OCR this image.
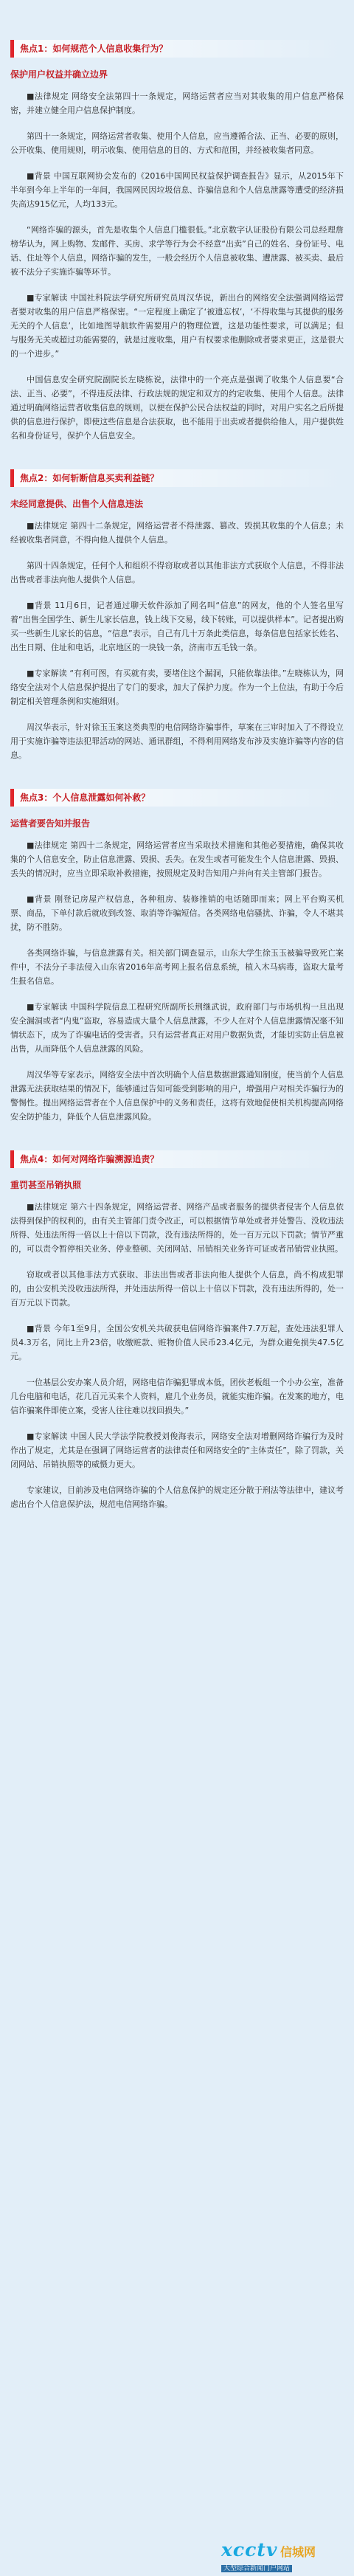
焦点1：如何规范个人信息收集行为？
保护用户权益并确立边界
■法律规定 网络安全法第四十一条规定，网络运营者应当对其收集的用户信息严格保密，并建立健全用户信息保护制度。
第四十一条规定，网络运营者收集、使用个人信息，应当遵循合法、正当、必要的原则，公开收集、使用规则，明示收集、使用信息的目的、方式和范围，并经被收集者同意。
■背景 中国互联网协会发布的《2016中国网民权益保护调查报告》显示，从2015年下半年到今年上半年的一年间，我国网民因垃圾信息、诈骗信息和个人信息泄露等遭受的经济损失高达915亿元，人均133元。
“网络诈骗的源头，首先是收集个人信息门槛很低。”北京数字认证股份有限公司总经理詹榜华认为，网上购物、发邮件、买房、求学等行为会不经意“出卖”自己的姓名、身份证号、电话、住址等个人信息，网络诈骗的发生，一般会经历个人信息被收集、遭泄露、被买卖、最后被不法分子实施诈骗等环节。
■专家解读 中国社科院法学研究所研究员周汉华说，新出台的网络安全法强调网络运营者要对收集的用户信息严格保密。“一定程度上确定了‘被遗忘权’，‘不得收集与其提供的服务无关的个人信息’，比如地图导航软件需要用户的物理位置，这是功能性要求，可以满足；但与服务无关或超过功能需要的，就是过度收集，用户有权要求他删除或者要求更正，这是很大的一个进步。”
中国信息安全研究院副院长左晓栋说，法律中的一个亮点是强调了收集个人信息要“合法、正当、必要”，不得违反法律、行政法规的规定和双方的约定收集、使用个人信息。法律通过明确网络运营者收集信息的规则，以便在保护公民合法权益的同时，对用户实名之后所提供的信息进行保护，即使这些信息是合法获取，也不能用于出卖或者提供给他人，用户提供姓名和身份证号，保护个人信息安全。
焦点2：如何斩断信息买卖利益链？
未经同意提供、出售个人信息违法
■法律规定 第四十二条规定，网络运营者不得泄露、篡改、毁损其收集的个人信息；未经被收集者同意，不得向他人提供个人信息。
第四十四条规定，任何个人和组织不得窃取或者以其他非法方式获取个人信息，不得非法出售或者非法向他人提供个人信息。
■背景 11月6日，记者通过聊天软件添加了网名叫“信息”的网友，他的个人签名里写着“出售全国学生、新生儿家长信息，钱上线下交易，线下转账，可以提供样本”。记者提出购买一些新生儿家长的信息，“信息”表示，自己有几十万条此类信息，每条信息包括家长姓名、出生日期、住址和电话，北京地区的一块钱一条，济南市五毛钱一条。
■专家解读 “有利可图，有买就有卖，要堵住这个漏洞，只能依靠法律。”左晓栋认为，网络安全法对个人信息保护提出了专门的要求，加大了保护力度。作为一个上位法，有助于今后制定相关管理条例和实施细则。
周汉华表示，针对徐玉玉案这类典型的电信网络诈骗事件，草案在三审时加入了不得设立用于实施诈骗等违法犯罪活动的网站、通讯群组，不得利用网络发布涉及实施诈骗等内容的信息。
焦点3：个人信息泄露如何补救？
运营者要告知并报告
■法律规定 第四十二条规定，网络运营者应当采取技术措施和其他必要措施，确保其收集的个人信息安全，防止信息泄露、毁损、丢失。在发生或者可能发生个人信息泄露、毁损、丢失的情况时，应当立即采取补救措施，按照规定及时告知用户并向有关主管部门报告。
■背景 刚登记房屋产权信息，各种租房、装修推销的电话随即而来；网上平台购买机票、商品，下单付款后就收到改签、取消等诈骗短信。各类网络电信骚扰、诈骗，令人不堪其扰，防不胜防。
各类网络诈骗，与信息泄露有关。相关部门调查显示，山东大学生徐玉玉被骗导致死亡案件中，不法分子非法侵入山东省2016年高考网上报名信息系统，植入木马病毒，盗取大量考生报名信息。
■专家解读 中国科学院信息工程研究所副所长荆继武说，政府部门与市场机构一旦出现安全漏洞或者“内鬼”盗取，容易造成大量个人信息泄露，不少人在对个人信息泄露情况毫不知情状态下，成为了诈骗电话的受害者。只有运营者真正对用户数据负责，才能切实防止信息被出售，从而降低个人信息泄露的风险。
周汉华等专家表示，网络安全法中首次明确个人信息数据泄露通知制度，使当前个人信息泄露无法获取结果的情况下，能够通过告知可能受到影响的用户，增强用户对相关诈骗行为的警惕性。提出网络运营者在个人信息保护中的义务和责任，这将有效地促使相关机构提高网络安全防护能力，降低个人信息泄露风险。
焦点4：如何对网络诈骗溯源追责？
重罚甚至吊销执照
■法律规定 第六十四条规定，网络运营者、网络产品或者服务的提供者侵害个人信息依法得到保护的权利的，由有关主管部门责令改正，可以根据情节单处或者并处警告、没收违法所得、处违法所得一倍以上十倍以下罚款，没有违法所得的，处一百万元以下罚款；情节严重的，可以责令暂停相关业务、停业整顿、关闭网站、吊销相关业务许可证或者吊销营业执照。
窃取或者以其他非法方式获取、非法出售或者非法向他人提供个人信息，尚不构成犯罪的，由公安机关没收违法所得，并处违法所得一倍以上十倍以下罚款，没有违法所得的，处一百万元以下罚款。
■背景 今年1至9月，全国公安机关共破获电信网络诈骗案件7.7万起，查处违法犯罪人员4.3万名，同比上升23倍，收缴赃款、赃物价值人民币23.4亿元，为群众避免损失47.5亿元。
一位基层公安办案人员介绍，网络电信诈骗犯罪成本低，团伙老板组一个小办公室，准备几台电脑和电话，花几百元买来个人资料，雇几个业务员，就能实施诈骗。在发案的地方，电信诈骗案件即使立案，受害人往往难以找回损失。”
■专家解读 中国人民大学法学院教授刘俊海表示，网络安全法对增删网络诈骗行为及时作出了规定，尤其是在强调了网络运营者的法律责任和网络安全的“主体责任”，除了罚款，关闭网站、吊销执照等的威慑力更大。
专家建议，目前涉及电信网络诈骗的个人信息保护的规定还分散于刑法等法律中，建议考虑出台个人信息保护法，规范电信网络诈骗。
xcctv 信城网
大型综合新闻门户网站
